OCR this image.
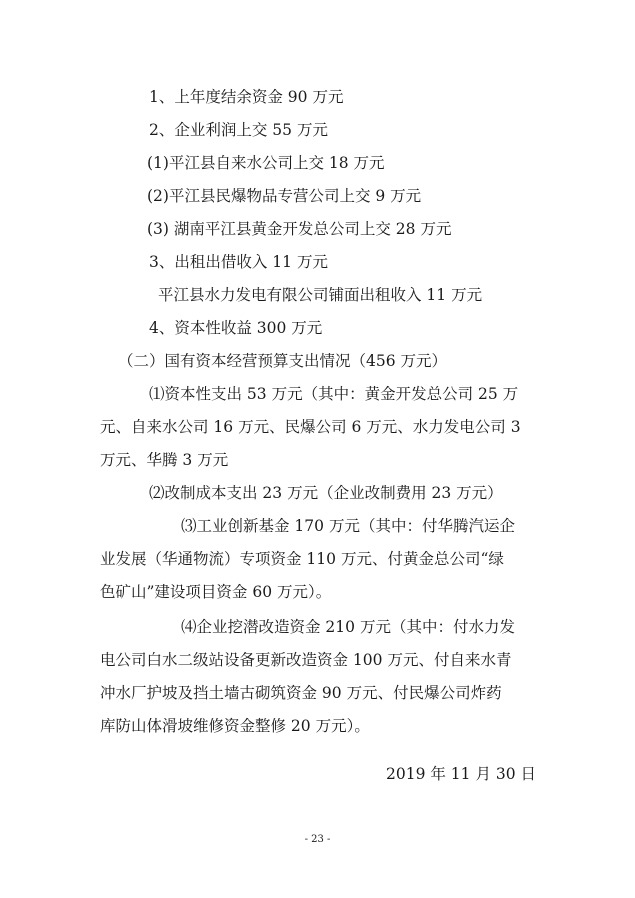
1、上年度结余资金 90 万元
2、企业利润上交 55 万元
(1)平江县自来水公司上交 18 万元
(2)平江县民爆物品专营公司上交 9 万元
(3) 湖南平江县黄金开发总公司上交 28 万元
3、出租出借收入 11 万元
平江县水力发电有限公司铺面出租收入 11 万元
4、资本性收益 300 万元
（二）国有资本经营预算支出情况（456 万元）
⑴资本性支出 53 万元（其中：黄金开发总公司 25 万
元、自来水公司 16 万元、民爆公司 6 万元、水力发电公司 3
万元、华腾 3 万元
⑵改制成本支出 23 万元（企业改制费用 23 万元）
⑶工业创新基金 170 万元（其中：付华腾汽运企
业发展（华通物流）专项资金 110 万元、付黄金总公司“绿
色矿山”建设项目资金 60 万元）。
⑷企业挖潜改造资金 210 万元（其中：付水力发
电公司白水二级站设备更新改造资金 100 万元、付自来水青
冲水厂护坡及挡土墙古砌筑资金 90 万元、付民爆公司炸药
库防山体滑坡维修资金整修 20 万元）。
2019 年 11 月 30 日
- 23 -
